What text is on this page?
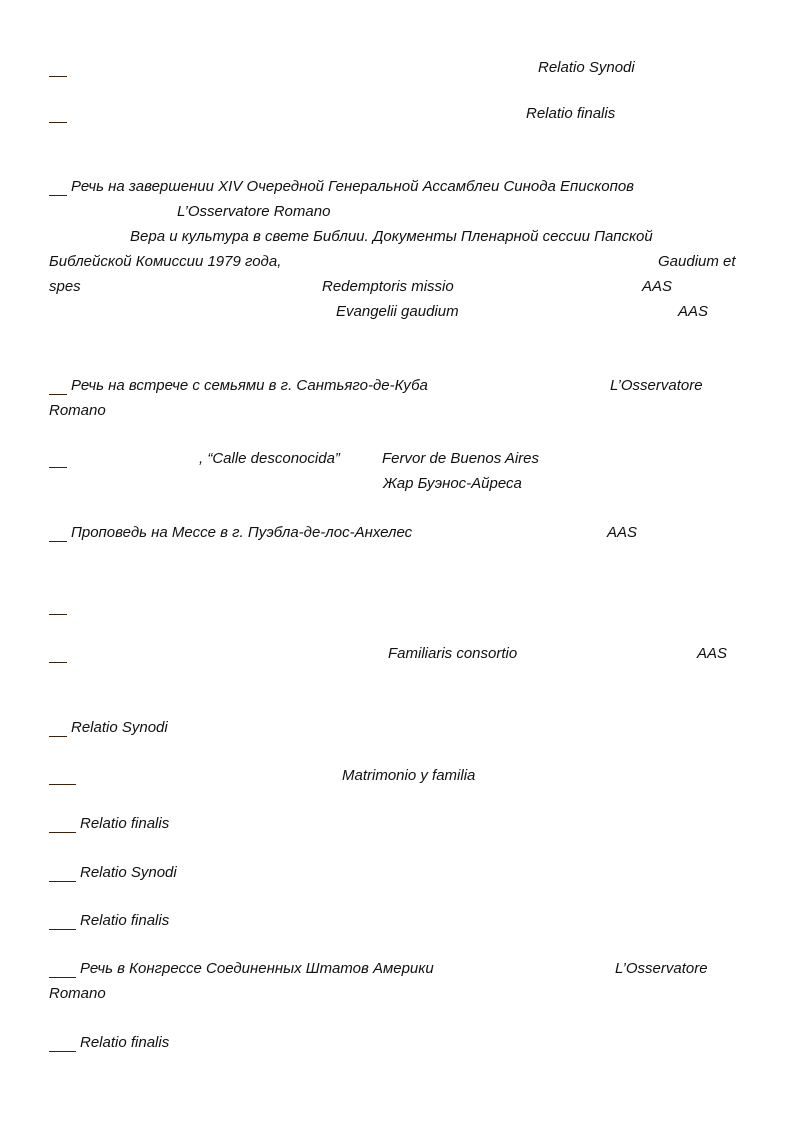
Relatio Synodi
Relatio finalis
Речь на завершении XIV Очередной Генеральной Ассамблеи Синода Епископов
L’Osservatore Romano
Вера и культура в свете Библии. Документы Пленарной сессии Папской
Библейской Комиссии 1979 года,	Gaudium et
spes	Redemptoris missio	AAS
Evangelii gaudium	AAS
Речь на встрече с семьями в г. Сантьяго-де-Куба	L’Osservatore
Romano
, “Calle desconocida”	Fervor de Buenos Aires
Жар Буэнос-Айреса
Проповедь на Мессе в г. Пуэбла-де-лос-Анхелес	AAS
Familiaris consortio	AAS
Relatio Synodi
Matrimonio y familia
Relatio finalis
Relatio Synodi
Relatio finalis
Речь в Конгрессе Соединенных Штатов Америки	L’Osservatore
Romano
Relatio finalis
